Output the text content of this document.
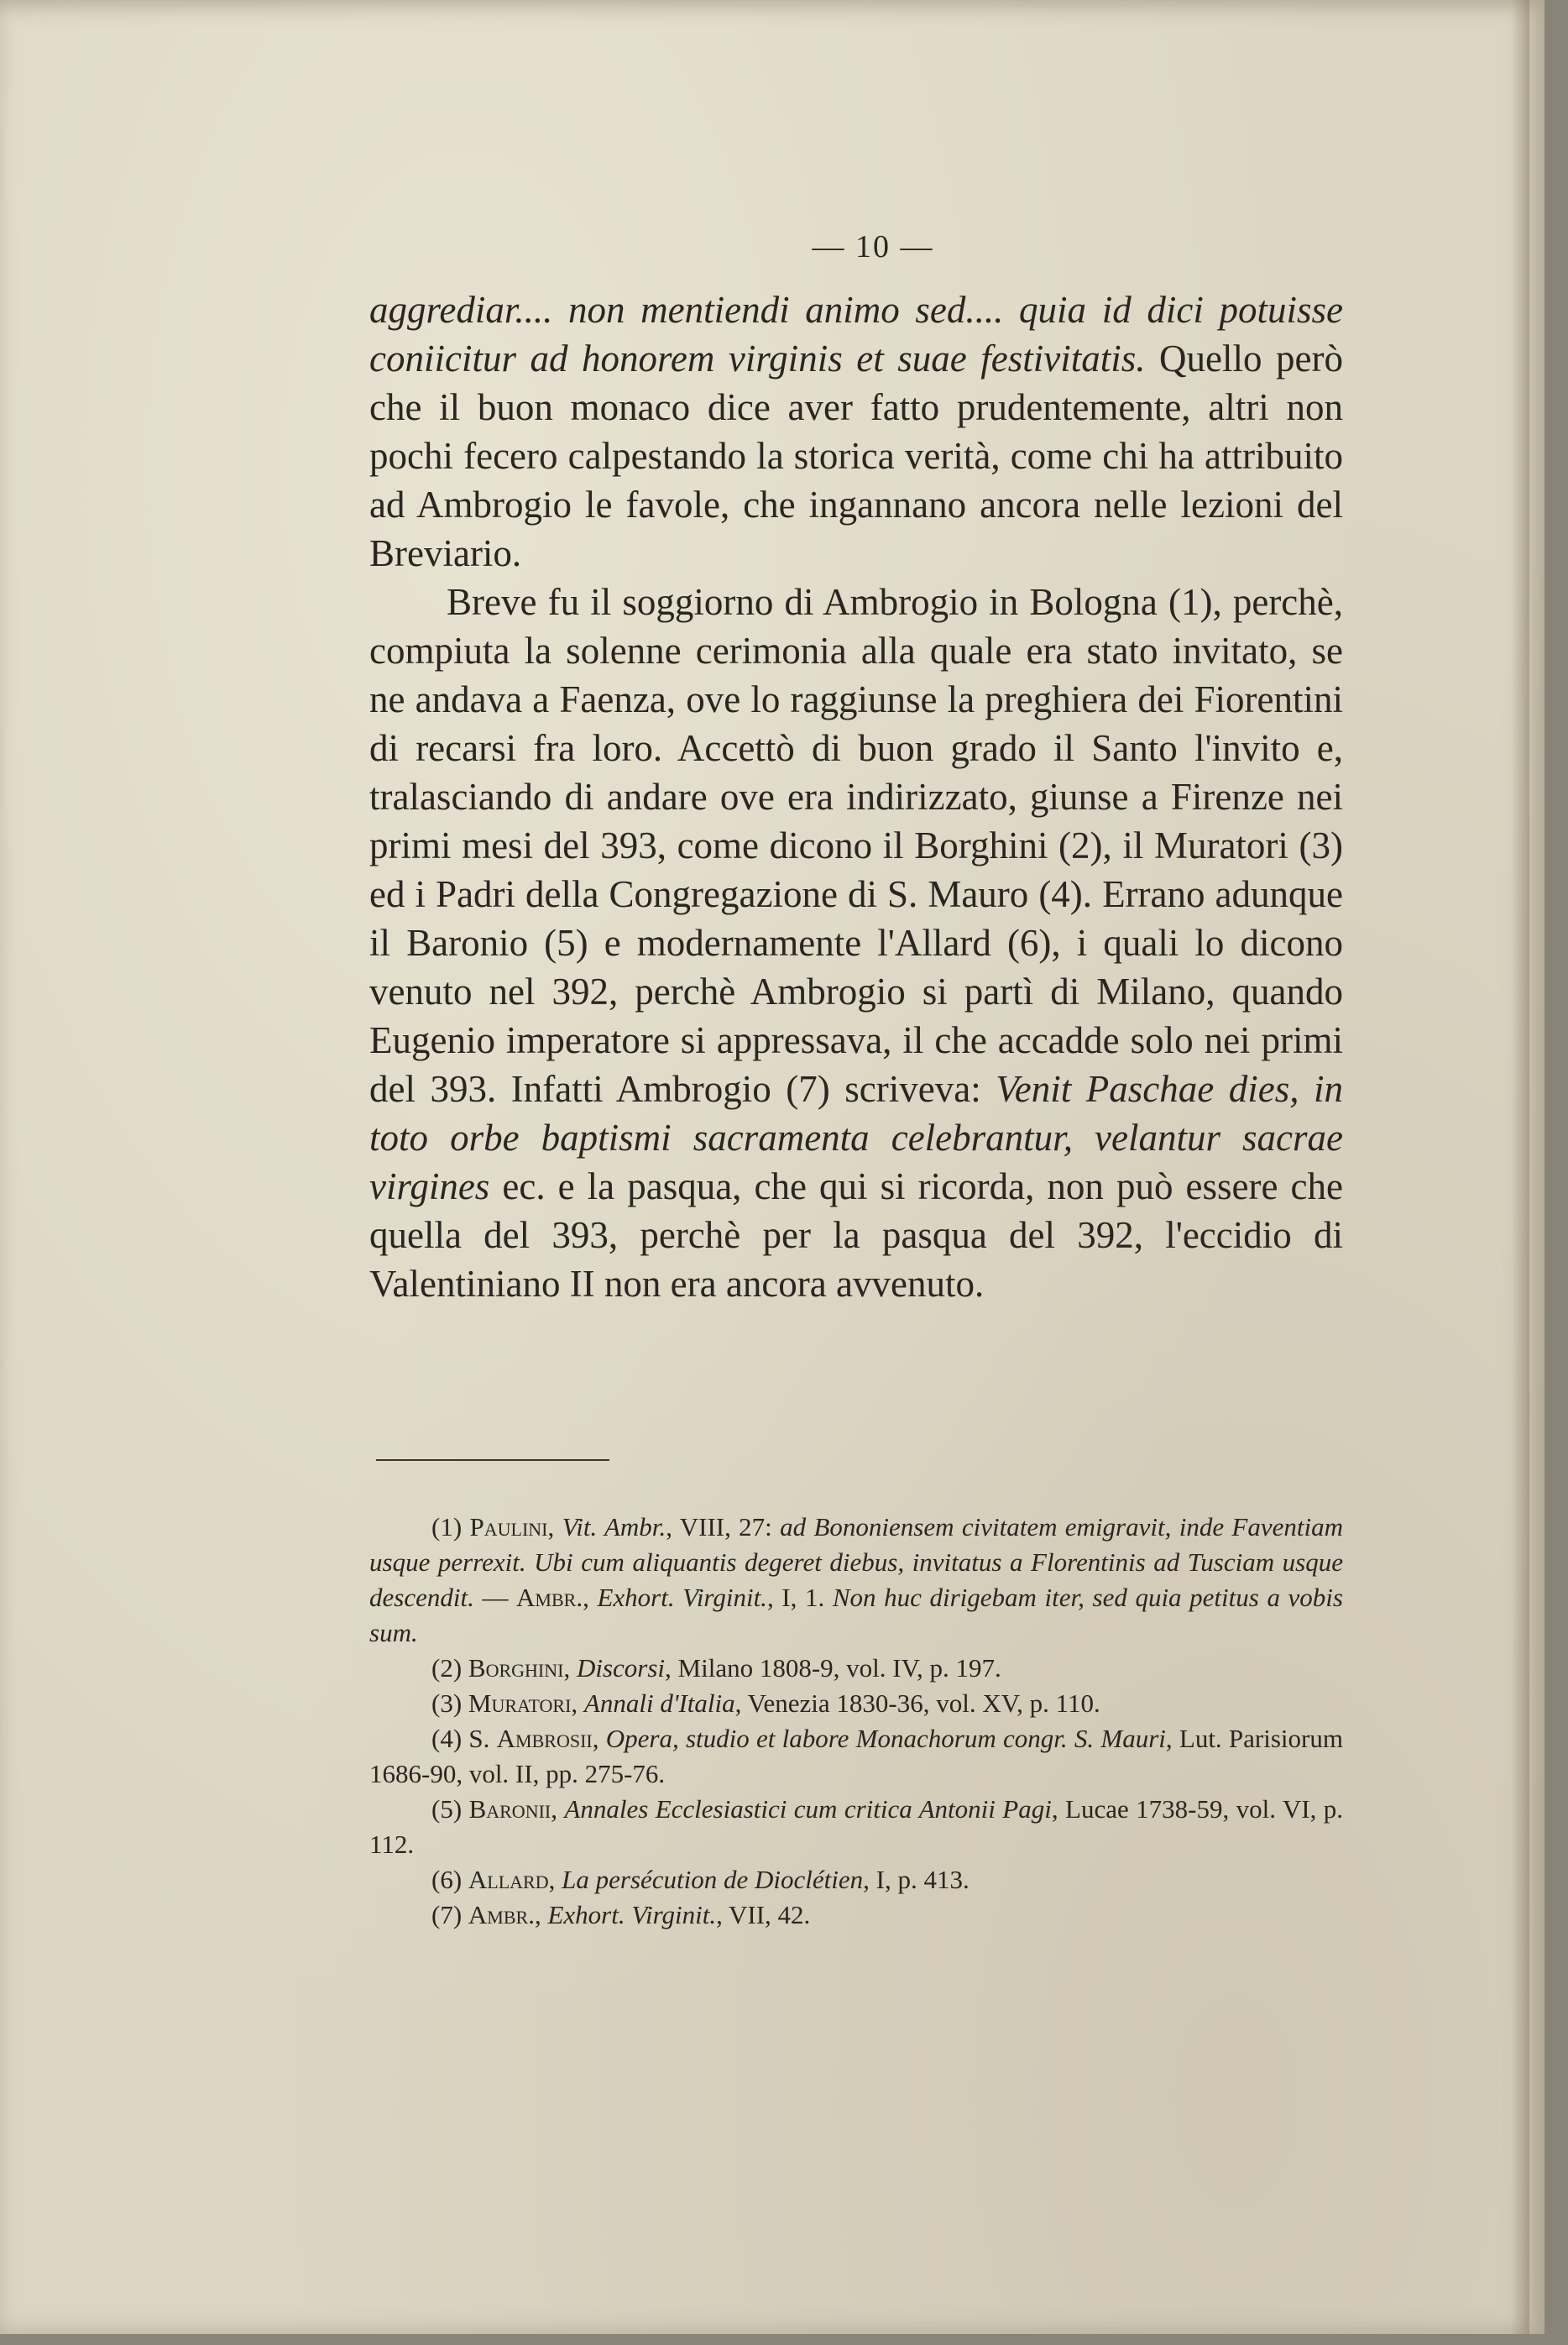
— 10 —

aggrediar.... non mentiendi animo sed.... quia id dici potuisse coniicitur ad honorem virginis et suae festivitatis. Quello però che il buon monaco dice aver fatto prudentemente, altri non pochi fecero calpestando la storica verità, come chi ha attribuito ad Ambrogio le favole, che ingannano ancora nelle lezioni del Breviario.

Breve fu il soggiorno di Ambrogio in Bologna (1), perchè, compiuta la solenne cerimonia alla quale era stato invitato, se ne andava a Faenza, ove lo raggiunse la preghiera dei Fiorentini di recarsi fra loro. Accettò di buon grado il Santo l'invito e, tralasciando di andare ove era indirizzato, giunse a Firenze nei primi mesi del 393, come dicono il Borghini (2), il Muratori (3) ed i Padri della Congregazione di S. Mauro (4). Errano adunque il Baronio (5) e modernamente l'Allard (6), i quali lo dicono venuto nel 392, perchè Ambrogio si partì di Milano, quando Eugenio imperatore si appressava, il che accadde solo nei primi del 393. Infatti Ambrogio (7) scriveva: Venit Paschae dies, in toto orbe baptismi sacramenta celebrantur, velantur sacrae virgines ec. e la pasqua, che qui si ricorda, non può essere che quella del 393, perchè per la pasqua del 392, l'eccidio di Valentiniano II non era ancora avvenuto.

(1) Paulini, Vit. Ambr., VIII, 27: ad Bononiensem civitatem emigravit, inde Faventiam usque perrexit. Ubi cum aliquantis degeret diebus, invitatus a Florentinis ad Tusciam usque descendit. — Ambr., Exhort. Virginit., I, 1. Non huc dirigebam iter, sed quia petitus a vobis sum.

(2) Borghini, Discorsi, Milano 1808-9, vol. IV, p. 197.

(3) Muratori, Annali d'Italia, Venezia 1830-36, vol. XV, p. 110.

(4) S. Ambrosii, Opera, studio et labore Monachorum congr. S. Mauri, Lut. Parisiorum 1686-90, vol. II, pp. 275-76.

(5) Baronii, Annales Ecclesiastici cum critica Antonii Pagi, Lucae 1738-59, vol. VI, p. 112.

(6) Allard, La persécution de Dioclétien, I, p. 413.

(7) Ambr., Exhort. Virginit., VII, 42.
